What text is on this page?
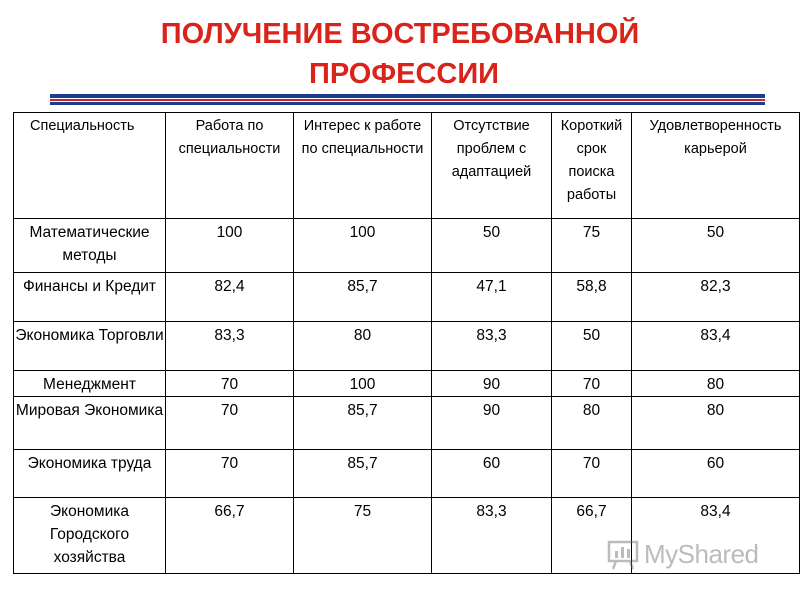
ПОЛУЧЕНИЕ ВОСТРЕБОВАННОЙ

ПРОФЕССИИ
Специальность	Работа по специальности	Интерес к работе по специальности	Отсутствие проблем с адаптацией	Короткий срок поиска работы	Удовлетворенность карьерой
Математические методы	100	100	50	75	50
Финансы и Кредит	82,4	85,7	47,1	58,8	82,3
Экономика Торговли	83,3	80	83,3	50	83,4
Менеджмент	70	100	90	70	80
Мировая Экономика	70	85,7	90	80	80
Экономика труда	70	85,7	60	70	60
Экономика Городского хозяйства	66,7	75	83,3	66,7	83,4
MyShared
